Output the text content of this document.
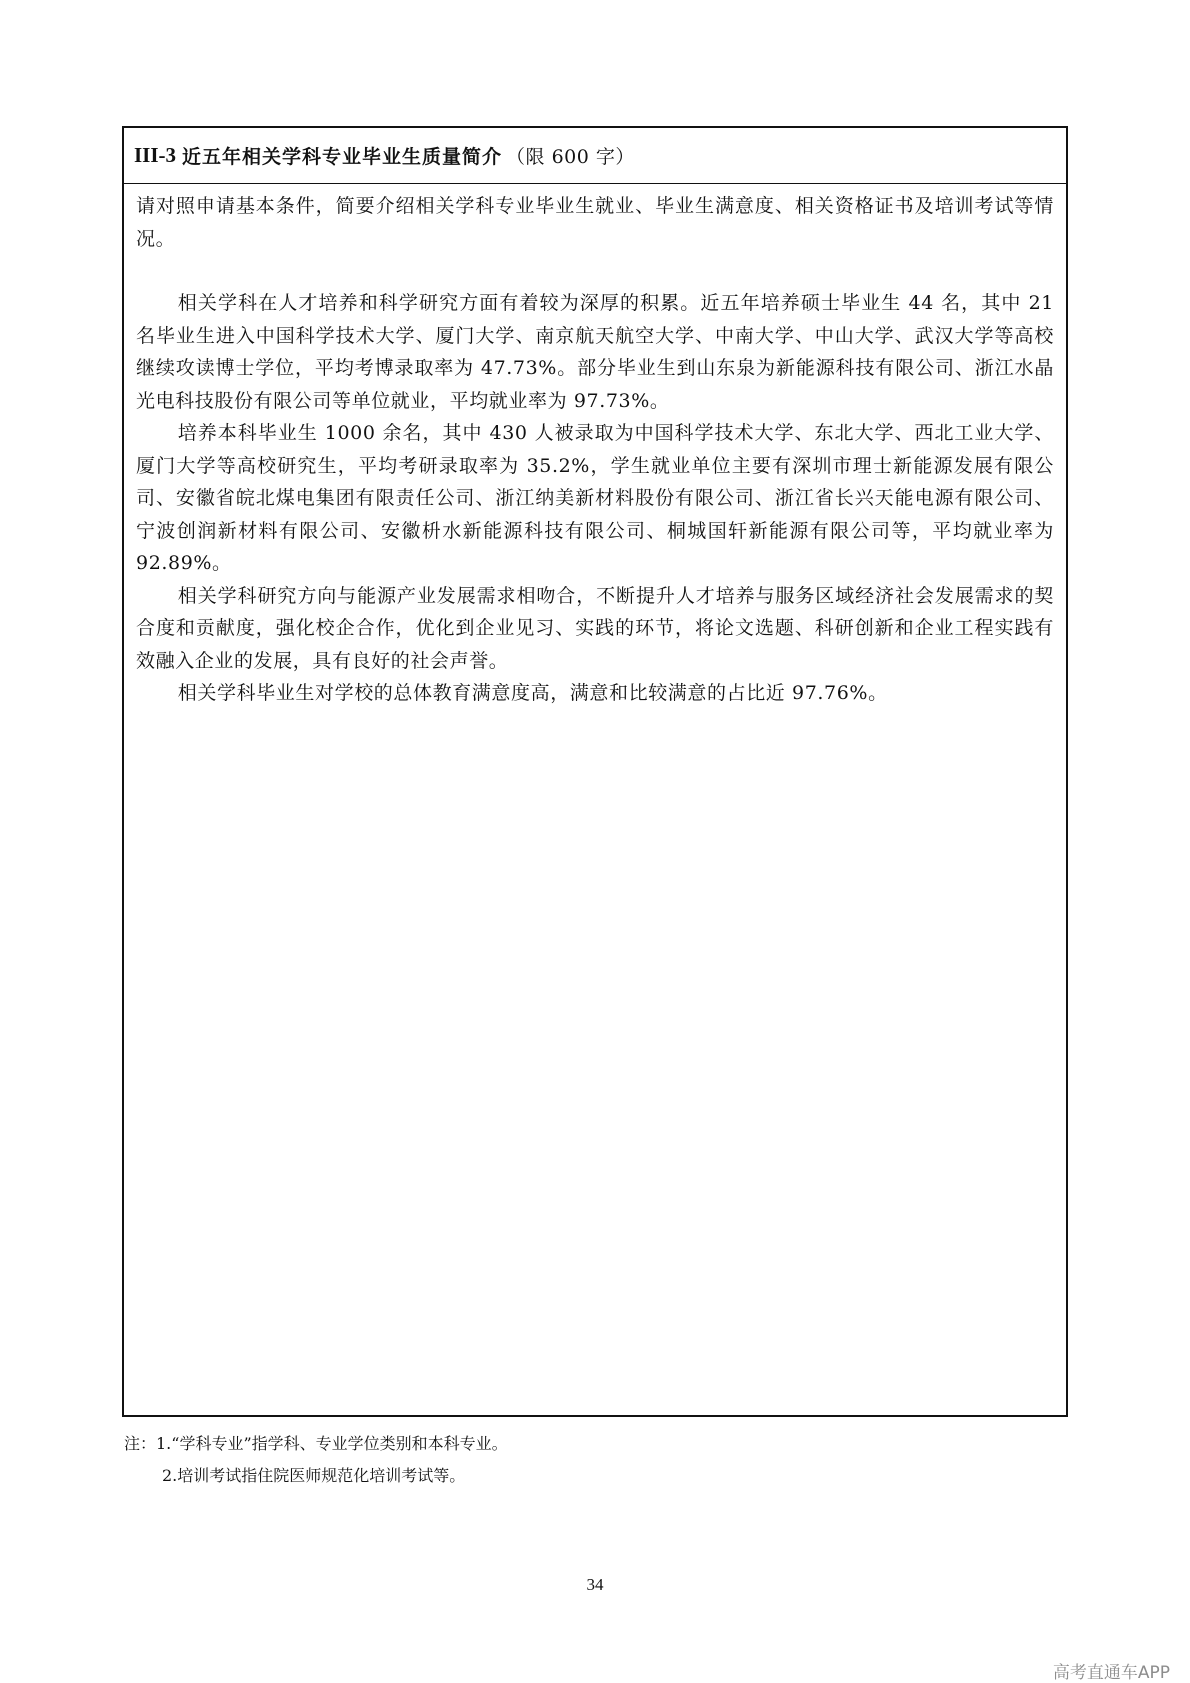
III-3 近五年相关学科专业毕业生质量简介 （限 600 字）

请对照申请基本条件，简要介绍相关学科专业毕业生就业、毕业生满意度、相关资格证书及培训考试等情况。

相关学科在人才培养和科学研究方面有着较为深厚的积累。近五年培养硕士毕业生 44 名，其中 21 名毕业生进入中国科学技术大学、厦门大学、南京航天航空大学、中南大学、中山大学、武汉大学等高校继续攻读博士学位，平均考博录取率为 47.73%。部分毕业生到山东泉为新能源科技有限公司、浙江水晶光电科技股份有限公司等单位就业，平均就业率为 97.73%。

培养本科毕业生 1000 余名，其中 430 人被录取为中国科学技术大学、东北大学、西北工业大学、厦门大学等高校研究生，平均考研录取率为 35.2%，学生就业单位主要有深圳市理士新能源发展有限公司、安徽省皖北煤电集团有限责任公司、浙江纳美新材料股份有限公司、浙江省长兴天能电源有限公司、宁波创润新材料有限公司、安徽枡水新能源科技有限公司、桐城国轩新能源有限公司等，平均就业率为 92.89%。

相关学科研究方向与能源产业发展需求相吻合，不断提升人才培养与服务区域经济社会发展需求的契合度和贡献度，强化校企合作，优化到企业见习、实践的环节，将论文选题、科研创新和企业工程实践有效融入企业的发展，具有良好的社会声誉。

相关学科毕业生对学校的总体教育满意度高，满意和比较满意的占比近 97.76%。

注：1.“学科专业”指学科、专业学位类别和本科专业。
2.培训考试指住院医师规范化培训考试等。
34
高考直通车APP
